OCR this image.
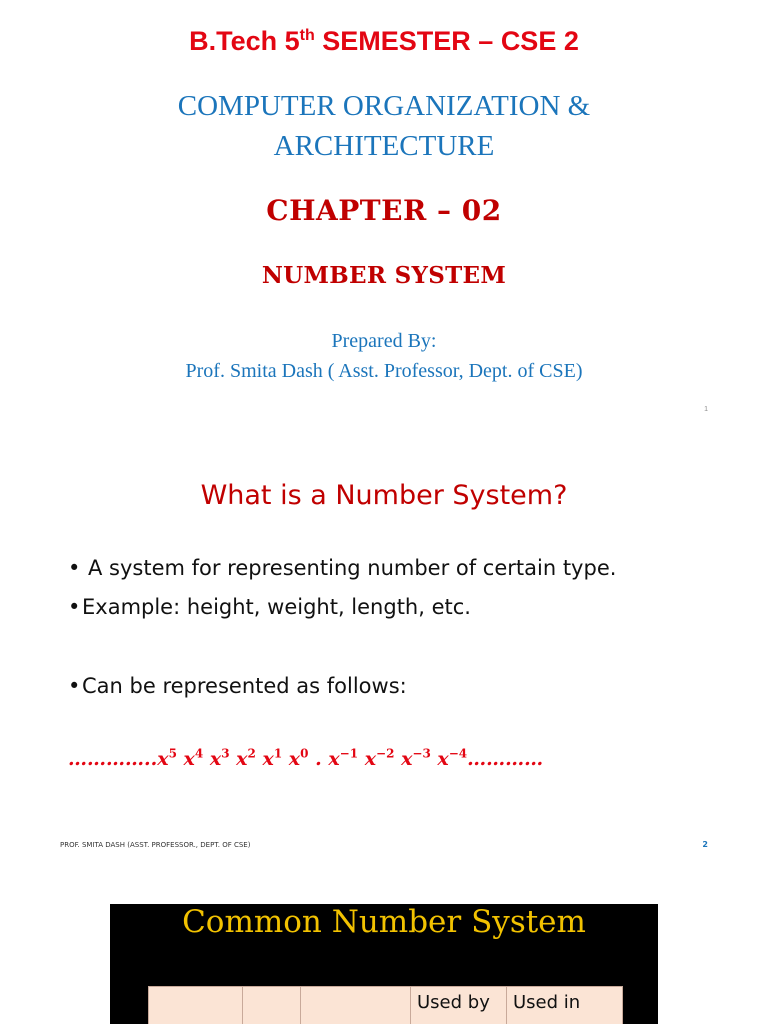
B.Tech 5th SEMESTER – CSE 2
COMPUTER ORGANIZATION &
ARCHITECTURE
CHAPTER – 02
NUMBER SYSTEM
Prepared By:
Prof. Smita Dash ( Asst. Professor, Dept. of CSE)
1
What is a Number System?
• A system for representing number of certain type.
• Example: height, weight, length, etc.
• Can be represented as follows:
$\dots\dots\dots\dots..x^5$ $x^4$ $x^3$ $x^2$ $x^1$ $x^0$ . $x^{-1}$ $x^{-2}$ $x^{-3}$ $x^{-4}\dots\dots\dots\dots$
PROF. SMITA DASH (ASST. PROFESSOR., DEPT. OF CSE)	2
Common Number System
			Used by	Used in
